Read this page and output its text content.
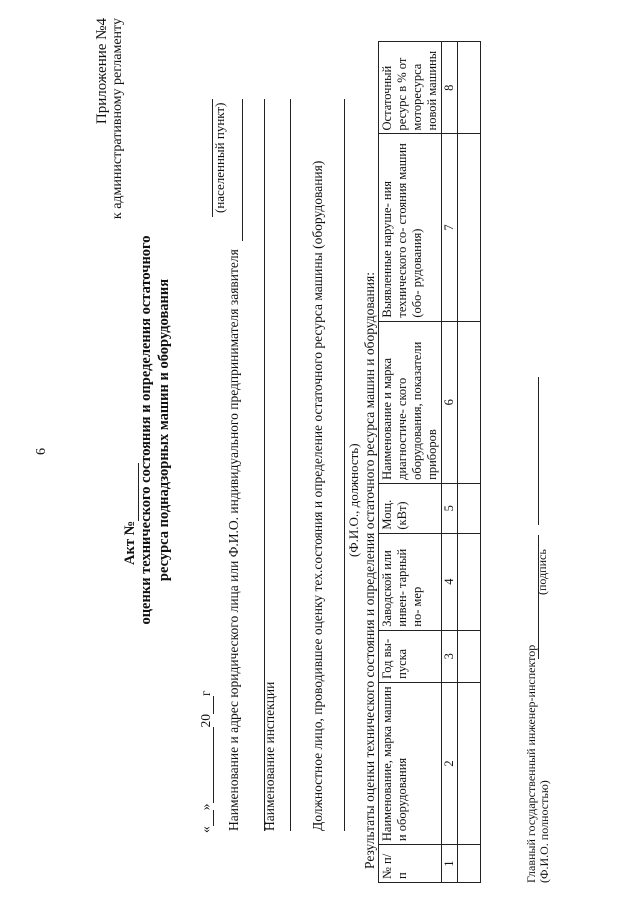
6
Приложение №4 к административному регламенту
Акт № оценки технического состояния и определения остаточного ресурса поднадзорных машин и оборудования
«»20г
(населенный пункт)
Наименование и адрес юридического лица или Ф.И.О. индивидуального предпринимателя заявителя Наименование инспекции Должностное лицо, проводившее оценку тех.состояния и определение остаточного ресурса машины (оборудования) (Ф.И.О., должность) Результаты оценки технического состояния и определения остаточного ресурса машин и оборудования: № п/п	Наименование, марка машин и оборудования	Год вы- пуска	Заводской или инвен- тарный но- мер	Мощ. (кВт)	Наименование и марка диагностиче- ского оборудования, показатели приборов	Выявленные наруше- ния технического со- стояния машин (обо- рудования)	Остаточный ресурс в % от моторесурса новой машины
1	2	3	4	5	6	7	8

Главный государственный инженер-инспектор
(подпись
(Ф.И.О. полностью)
